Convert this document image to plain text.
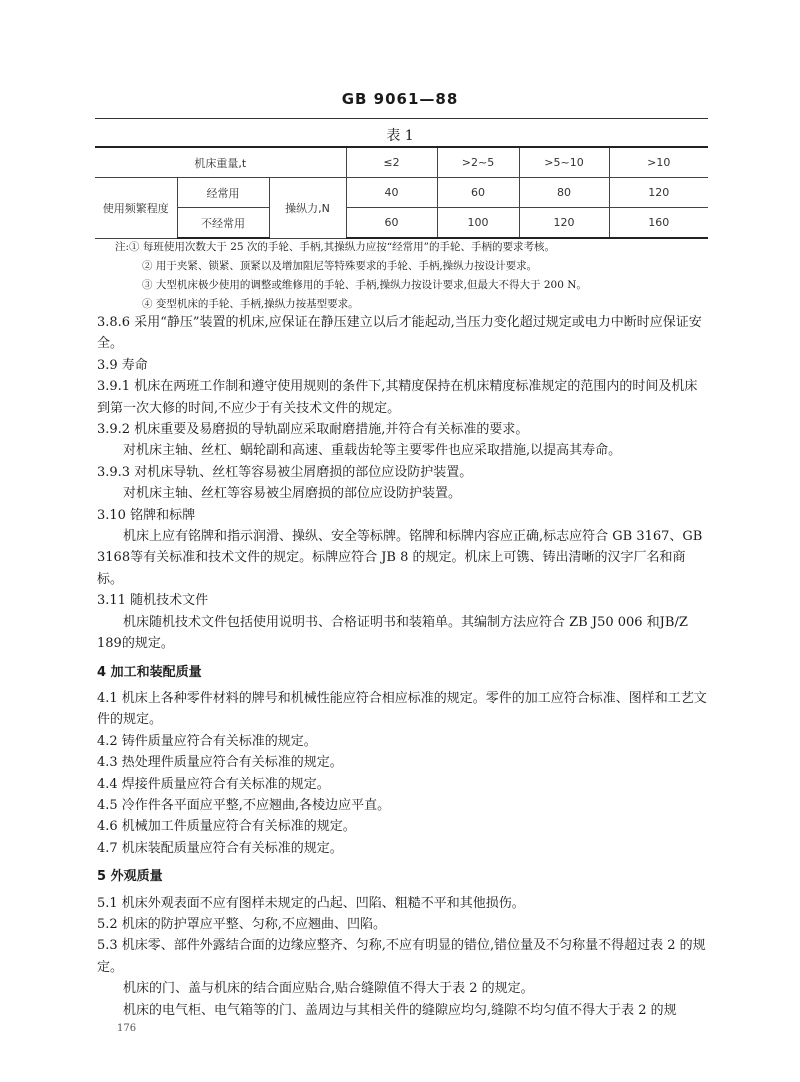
GB 9061—88
表 1
机床重量,t			≤2	>2~5	>5~10	>10
使用频繁程度	经常用	操纵力,N	40	60	80	120
	不经常用		60	100	120	160
注:① 每班使用次数大于 25 次的手轮、手柄,其操纵力应按“经常用”的手轮、手柄的要求考核。
② 用于夹紧、锁紧、顶紧以及增加阻尼等特殊要求的手轮、手柄,操纵力按设计要求。
③ 大型机床极少使用的调整或维修用的手轮、手柄,操纵力按设计要求,但最大不得大于 200 N。
④ 变型机床的手轮、手柄,操纵力按基型要求。

3.8.6 采用“静压”装置的机床,应保证在静压建立以后才能起动,当压力变化超过规定或电力中断时应保证安全。

3.9 寿命

3.9.1 机床在两班工作制和遵守使用规则的条件下,其精度保持在机床精度标准规定的范围内的时间及机床到第一次大修的时间,不应少于有关技术文件的规定。

3.9.2 机床重要及易磨损的导轨副应采取耐磨措施,并符合有关标准的要求。

对机床主轴、丝杠、蜗轮副和高速、重载齿轮等主要零件也应采取措施,以提高其寿命。

3.9.3 对机床导轨、丝杠等容易被尘屑磨损的部位应设防护装置。

对机床主轴、丝杠等容易被尘屑磨损的部位应设防护装置。

3.10 铭牌和标牌

机床上应有铭牌和指示润滑、操纵、安全等标牌。铭牌和标牌内容应正确,标志应符合 GB 3167、GB 3168等有关标准和技术文件的规定。标牌应符合 JB 8 的规定。机床上可镌、铸出清晰的汉字厂名和商标。

3.11 随机技术文件

机床随机技术文件包括使用说明书、合格证明书和装箱单。其编制方法应符合 ZB J50 006 和JB/Z 189的规定。

4 加工和装配质量

4.1 机床上各种零件材料的牌号和机械性能应符合相应标准的规定。零件的加工应符合标准、图样和工艺文件的规定。

4.2 铸件质量应符合有关标准的规定。

4.3 热处理件质量应符合有关标准的规定。

4.4 焊接件质量应符合有关标准的规定。

4.5 冷作件各平面应平整,不应翘曲,各棱边应平直。

4.6 机械加工件质量应符合有关标准的规定。

4.7 机床装配质量应符合有关标准的规定。

5 外观质量

5.1 机床外观表面不应有图样未规定的凸起、凹陷、粗糙不平和其他损伤。

5.2 机床的防护罩应平整、匀称,不应翘曲、凹陷。

5.3 机床零、部件外露结合面的边缘应整齐、匀称,不应有明显的错位,错位量及不匀称量不得超过表 2 的规定。

机床的门、盖与机床的结合面应贴合,贴合缝隙值不得大于表 2 的规定。

机床的电气柜、电气箱等的门、盖周边与其相关件的缝隙应均匀,缝隙不均匀值不得大于表 2 的规

176
